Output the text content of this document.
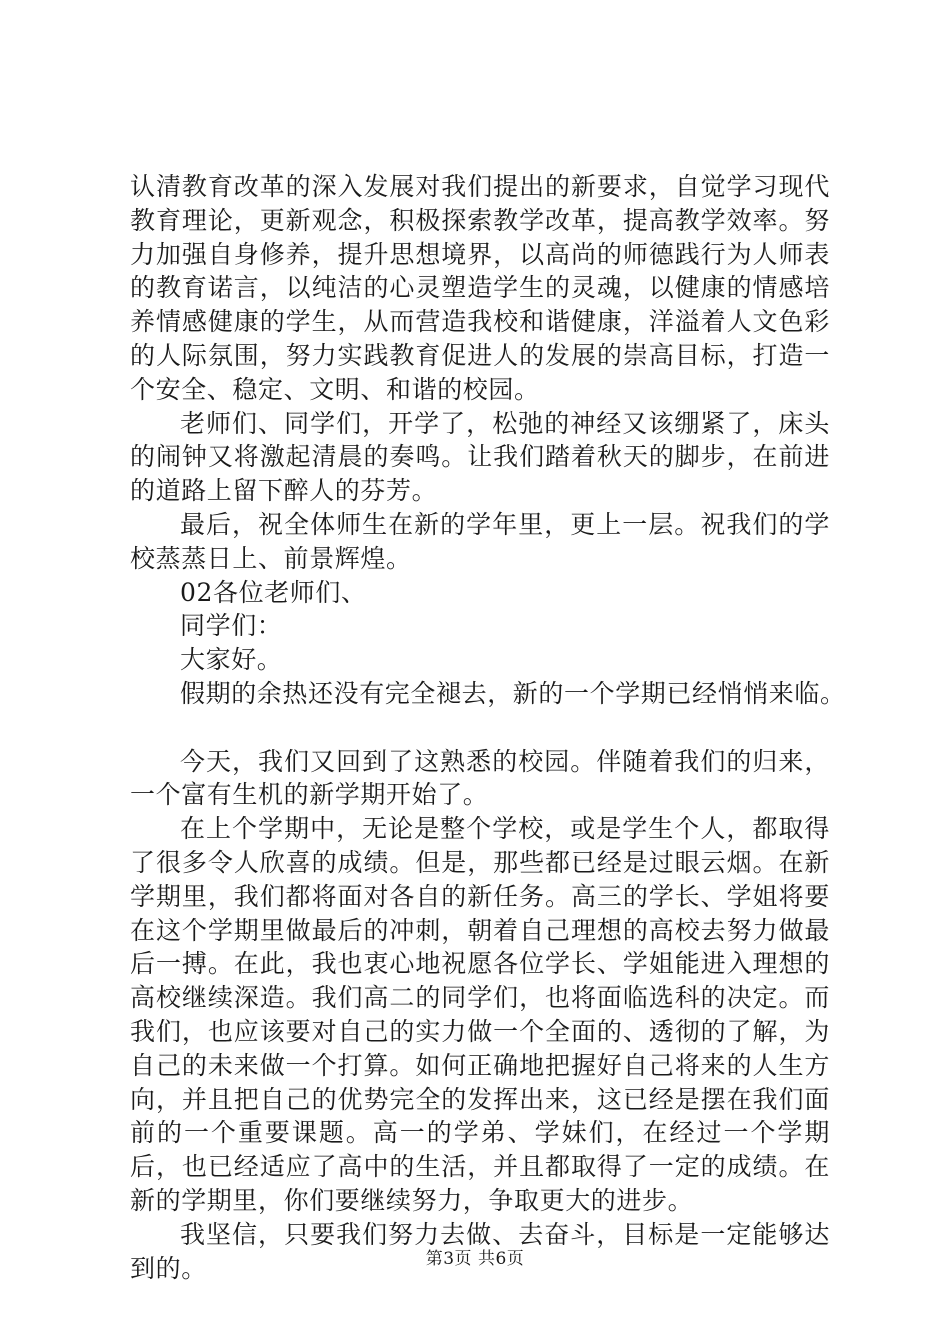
认清教育改革的深入发展对我们提出的新要求，自觉学习现代教育理论，更新观念，积极探索教学改革，提高教学效率。努力加强自身修养，提升思想境界，以高尚的师德践行为人师表的教育诺言，以纯洁的心灵塑造学生的灵魂，以健康的情感培养情感健康的学生，从而营造我校和谐健康，洋溢着人文色彩的人际氛围，努力实践教育促进人的发展的崇高目标，打造一个安全、稳定、文明、和谐的校园。

老师们、同学们，开学了，松弛的神经又该绷紧了，床头的闹钟又将激起清晨的奏鸣。让我们踏着秋天的脚步，在前进的道路上留下醉人的芬芳。

最后，祝全体师生在新的学年里，更上一层。祝我们的学校蒸蒸日上、前景辉煌。

02各位老师们、

同学们：

大家好。

假期的余热还没有完全褪去，新的一个学期已经悄悄来临。

今天，我们又回到了这熟悉的校园。伴随着我们的归来，一个富有生机的新学期开始了。

在上个学期中，无论是整个学校，或是学生个人，都取得了很多令人欣喜的成绩。但是，那些都已经是过眼云烟。在新学期里，我们都将面对各自的新任务。高三的学长、学姐将要在这个学期里做最后的冲刺，朝着自己理想的高校去努力做最后一搏。在此，我也衷心地祝愿各位学长、学姐能进入理想的高校继续深造。我们高二的同学们，也将面临选科的决定。而我们，也应该要对自己的实力做一个全面的、透彻的了解，为自己的未来做一个打算。如何正确地把握好自己将来的人生方向，并且把自己的优势完全的发挥出来，这已经是摆在我们面前的一个重要课题。高一的学弟、学妹们，在经过一个学期后，也已经适应了高中的生活，并且都取得了一定的成绩。在新的学期里，你们要继续努力，争取更大的进步。

我坚信，只要我们努力去做、去奋斗，目标是一定能够达到的。	第3页 共6页
